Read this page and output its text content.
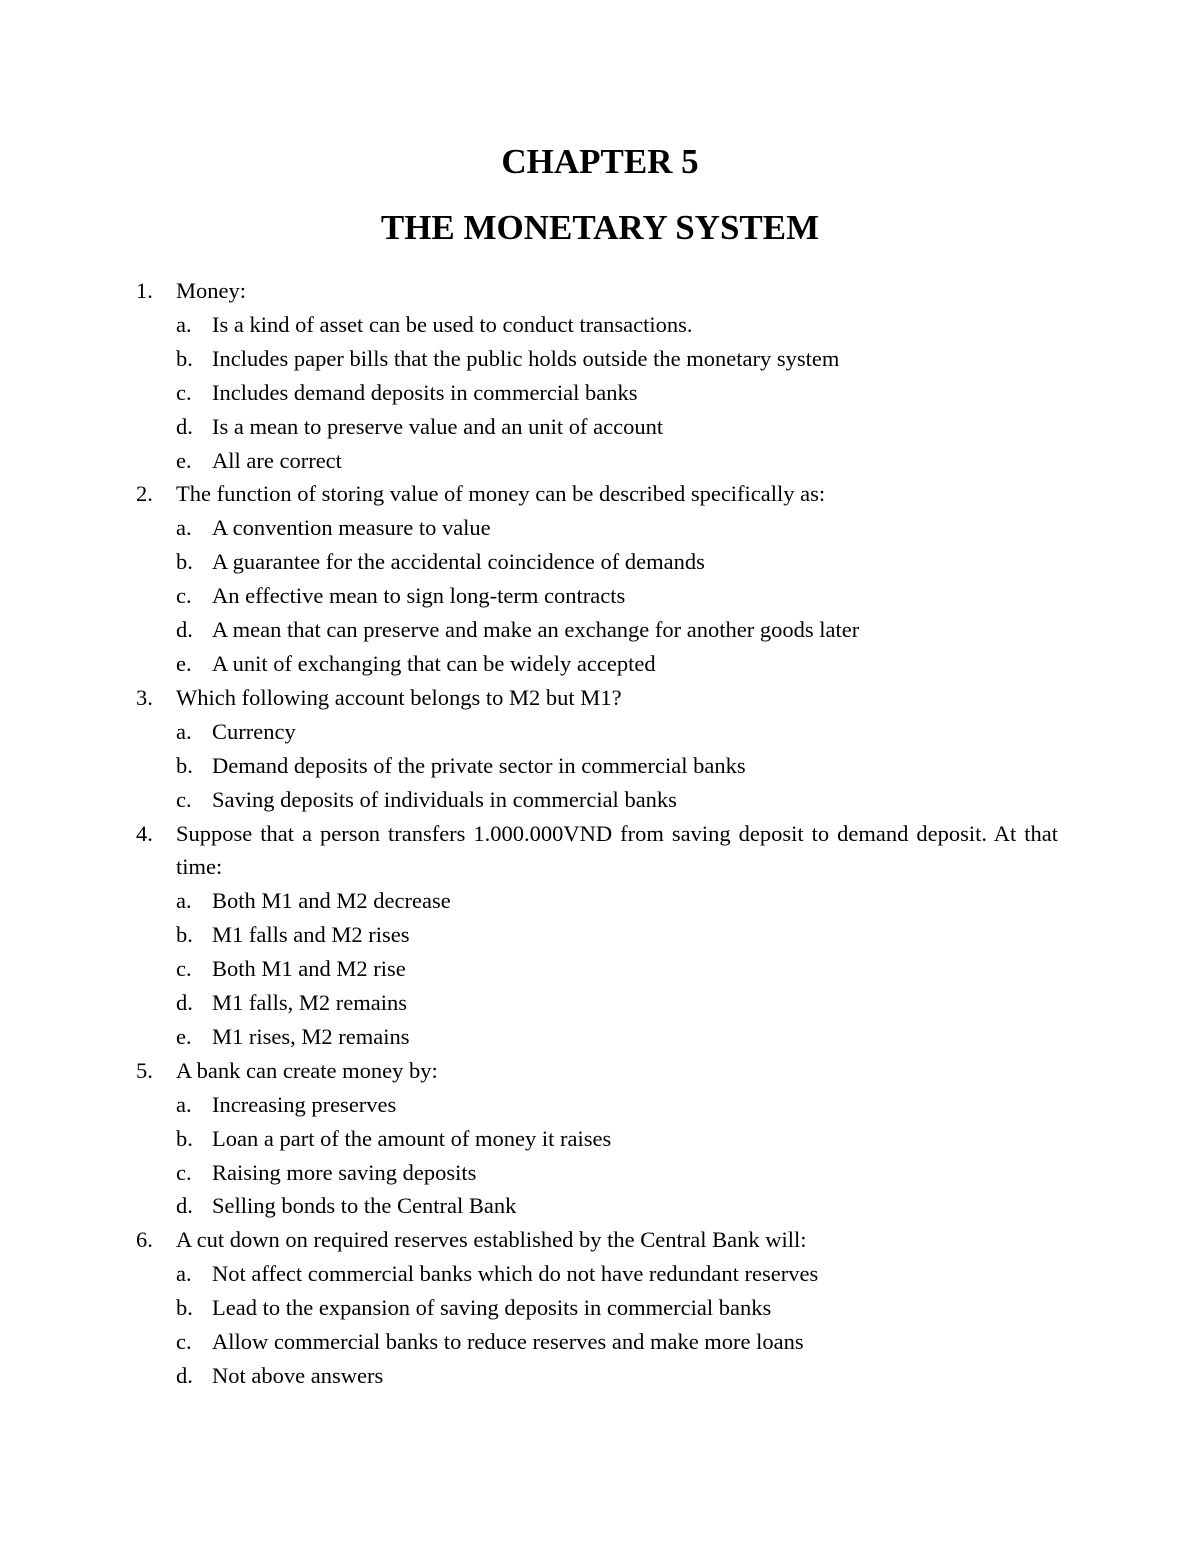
CHAPTER 5
THE MONETARY SYSTEM
1.	Money:
a. Is a kind of asset can be used to conduct transactions.
b. Includes paper bills that the public holds outside the monetary system
c. Includes demand deposits in commercial banks
d. Is a mean to preserve value and an unit of account
e. All are correct
2.	The function of storing value of money can be described specifically as:
a. A convention measure to value
b. A guarantee for the accidental coincidence of demands
c. An effective mean to sign long-term contracts
d. A mean that can preserve and make an exchange for another goods later
e. A unit of exchanging that can be widely accepted
3.	Which following account belongs to M2 but M1?
a. Currency
b. Demand deposits of the private sector in commercial banks
c. Saving deposits of individuals in commercial banks
4.	Suppose that a person transfers 1.000.000VND from saving deposit to demand deposit. At that time:
a. Both M1 and M2 decrease
b. M1 falls and M2 rises
c. Both M1 and M2 rise
d. M1 falls, M2 remains
e. M1 rises, M2 remains
5.	A bank can create money by:
a. Increasing preserves
b. Loan a part of the amount of money it raises
c. Raising more saving deposits
d. Selling bonds to the Central Bank
6.	A cut down on required reserves established by the Central Bank will:
a. Not affect commercial banks which do not have redundant reserves
b. Lead to the expansion of saving deposits in commercial banks
c. Allow commercial banks to reduce reserves and make more loans
d. Not above answers
